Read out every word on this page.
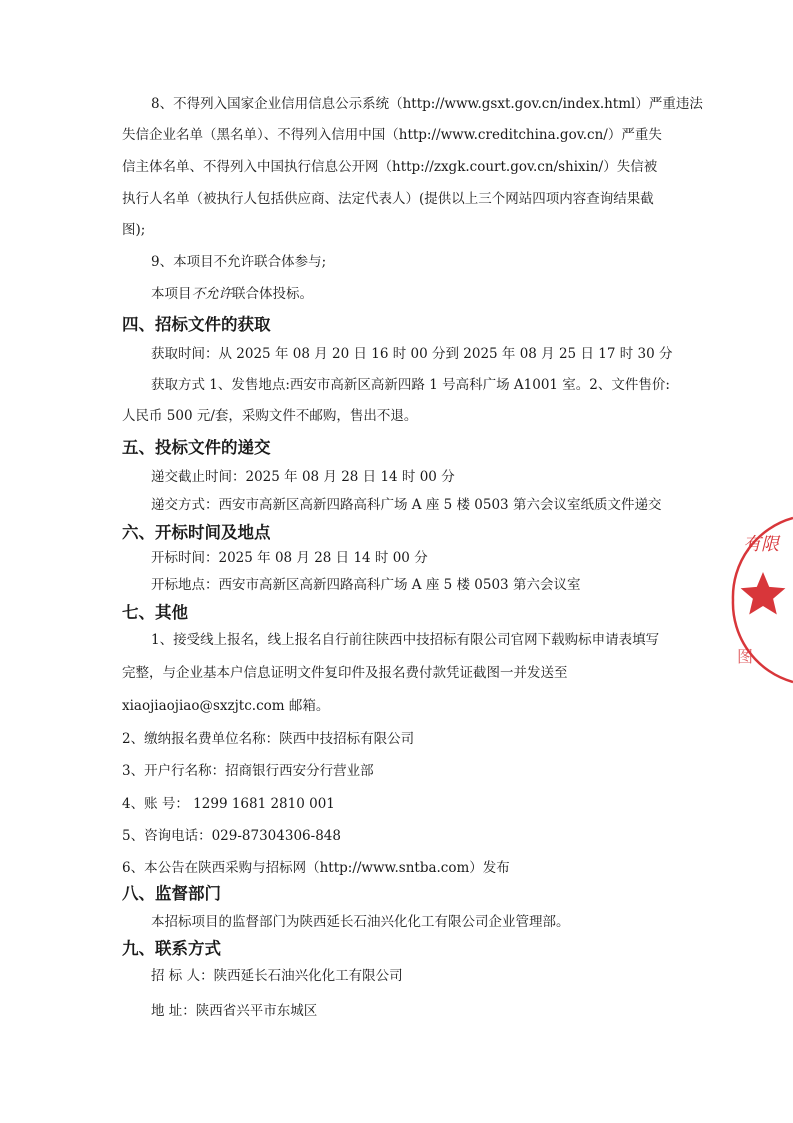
8、不得列入国家企业信用信息公示系统（http://www.gsxt.gov.cn/index.html）严重违法
失信企业名单（黑名单）、不得列入信用中国（http://www.creditchina.gov.cn/）严重失
信主体名单、不得列入中国执行信息公开网（http://zxgk.court.gov.cn/shixin/）失信被
执行人名单（被执行人包括供应商、法定代表人）(提供以上三个网站四项内容查询结果截
图);
9、本项目不允许联合体参与;
本项目不允许联合体投标。
四、招标文件的获取
获取时间：从 2025 年 08 月 20 日 16 时 00 分到 2025 年 08 月 25 日 17 时 30 分
获取方式 1、发售地点:西安市高新区高新四路 1 号高科广场 A1001 室。2、文件售价:
人民币 500 元/套，采购文件不邮购，售出不退。
五、投标文件的递交
递交截止时间：2025 年 08 月 28 日 14 时 00 分
递交方式：西安市高新区高新四路高科广场 A 座 5 楼 0503 第六会议室纸质文件递交
六、开标时间及地点
开标时间：2025 年 08 月 28 日 14 时 00 分
开标地点：西安市高新区高新四路高科广场 A 座 5 楼 0503 第六会议室
七、其他
1、接受线上报名，线上报名自行前往陕西中技招标有限公司官网下载购标申请表填写
完整，与企业基本户信息证明文件复印件及报名费付款凭证截图一并发送至
xiaojiaojiao@sxzjtc.com 邮箱。
2、缴纳报名费单位名称：陕西中技招标有限公司
3、开户行名称：招商银行西安分行营业部
4、账 号： 1299 1681 2810 001
5、咨询电话：029-87304306-848
6、本公告在陕西采购与招标网（http://www.sntba.com）发布
八、监督部门
本招标项目的监督部门为陕西延长石油兴化化工有限公司企业管理部。
九、联系方式
招 标 人：陕西延长石油兴化化工有限公司
地 址：陕西省兴平市东城区
有限
图
